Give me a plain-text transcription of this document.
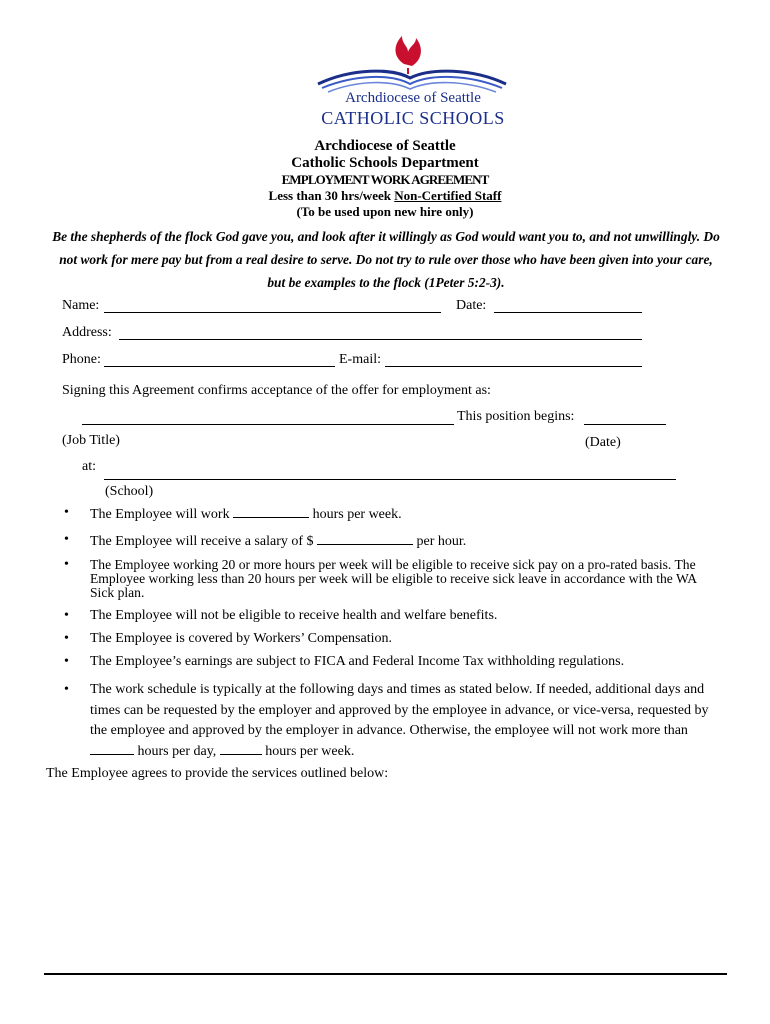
Archdiocese of Seattle
CATHOLIC SCHOOLS
Archdiocese of Seattle
Catholic Schools Department
EMPLOYMENT WORK AGREEMENT
Less than 30 hrs/week Non-Certified Staff
(To be used upon new hire only)
Be the shepherds of the flock God gave you, and look after it willingly as God would want you to, and not unwillingly. Do not work for mere pay but from a real desire to serve. Do not try to rule over those who have been given into your care, but be examples to the flock (1Peter 5:2-3).
Name:	Date:
Address:
Phone:	E-mail:
Signing this Agreement confirms acceptance of the offer for employment as:
This position begins:
(Job Title)	(Date)
at:
(School)
• The Employee will work	hours per week.
• The Employee will receive a salary of $	per hour.
• The Employee working 20 or more hours per week will be eligible to receive sick pay on a pro-rated basis. The Employee working less than 20 hours per week will be eligible to receive sick leave in accordance with the WA Sick plan.
• The Employee will not be eligible to receive health and welfare benefits.
• The Employee is covered by Workers’ Compensation.
• The Employee’s earnings are subject to FICA and Federal Income Tax withholding regulations.
• The work schedule is typically at the following days and times as stated below. If needed, additional days and times can be requested by the employer and approved by the employee in advance, or vice-versa, requested by the employee and approved by the employer in advance. Otherwise, the employee will not work more than  hours per day,	hours per week.
The Employee agrees to provide the services outlined below:
